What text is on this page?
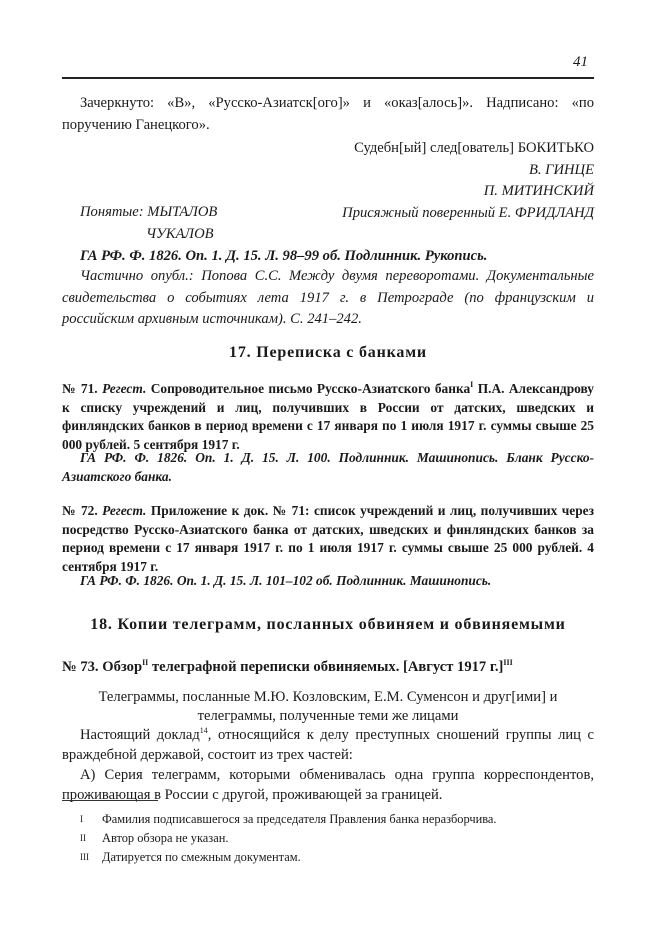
41
Зачеркнуто: «В», «Русско-Азиатск[ого]» и «оказ[алось]». Надписано: «по поручению Ганецкого».
Судебн[ый] след[ователь] БОКИТЬКО
В. ГИНЦЕ
П. МИТИНСКИЙ
Присяжный поверенный Е. ФРИДЛАНД
Понятые: МЫТАЛОВ
ЧУКАЛОВ
ГА РФ. Ф. 1826. Оп. 1. Д. 15. Л. 98–99 об. Подлинник. Рукопись.
Частично опубл.: Попова С.С. Между двумя переворотами. Документальные свидетельства о событиях лета 1917 г. в Петрограде (по французским и российским архивным источникам). С. 241–242.
17. Переписка с банками
№ 71. Регест. Сопроводительное письмо Русско-Азиатского банка$^I$ П.А. Александрову к списку учреждений и лиц, получивших в России от датских, шведских и финляндских банков в период времени с 17 января по 1 июля 1917 г. суммы свыше 25 000 рублей. 5 сентября 1917 г.
ГА РФ. Ф. 1826. Оп. 1. Д. 15. Л. 100. Подлинник. Машинопись. Бланк Русско-Азиатского банка.
№ 72. Регест. Приложение к док. № 71: список учреждений и лиц, получивших через посредство Русско-Азиатского банка от датских, шведских и финляндских банков за период времени с 17 января 1917 г. по 1 июля 1917 г. суммы свыше 25 000 рублей. 4 сентября 1917 г.
ГА РФ. Ф. 1826. Оп. 1. Д. 15. Л. 101–102 об. Подлинник. Машинопись.
18. Копии телеграмм, посланных обвиняем и обвиняемыми
№ 73. Обзор$^{II}$ телеграфной переписки обвиняемых. [Август 1917 г.]$^{III}$
Телеграммы, посланные М.Ю. Козловским, Е.М. Суменсон и друг[ими] и
телеграммы, полученные теми же лицами
Настоящий доклад$^{14}$, относящийся к делу преступных сношений группы лиц с враждебной державой, состоит из трех частей:
А) Серия телеграмм, которыми обменивалась одна группа корреспондентов, проживающая в России с другой, проживающей за границей.
I Фамилия подписавшегося за председателя Правления банка неразборчива.
II Автор обзора не указан.
III Датируется по смежным документам.
